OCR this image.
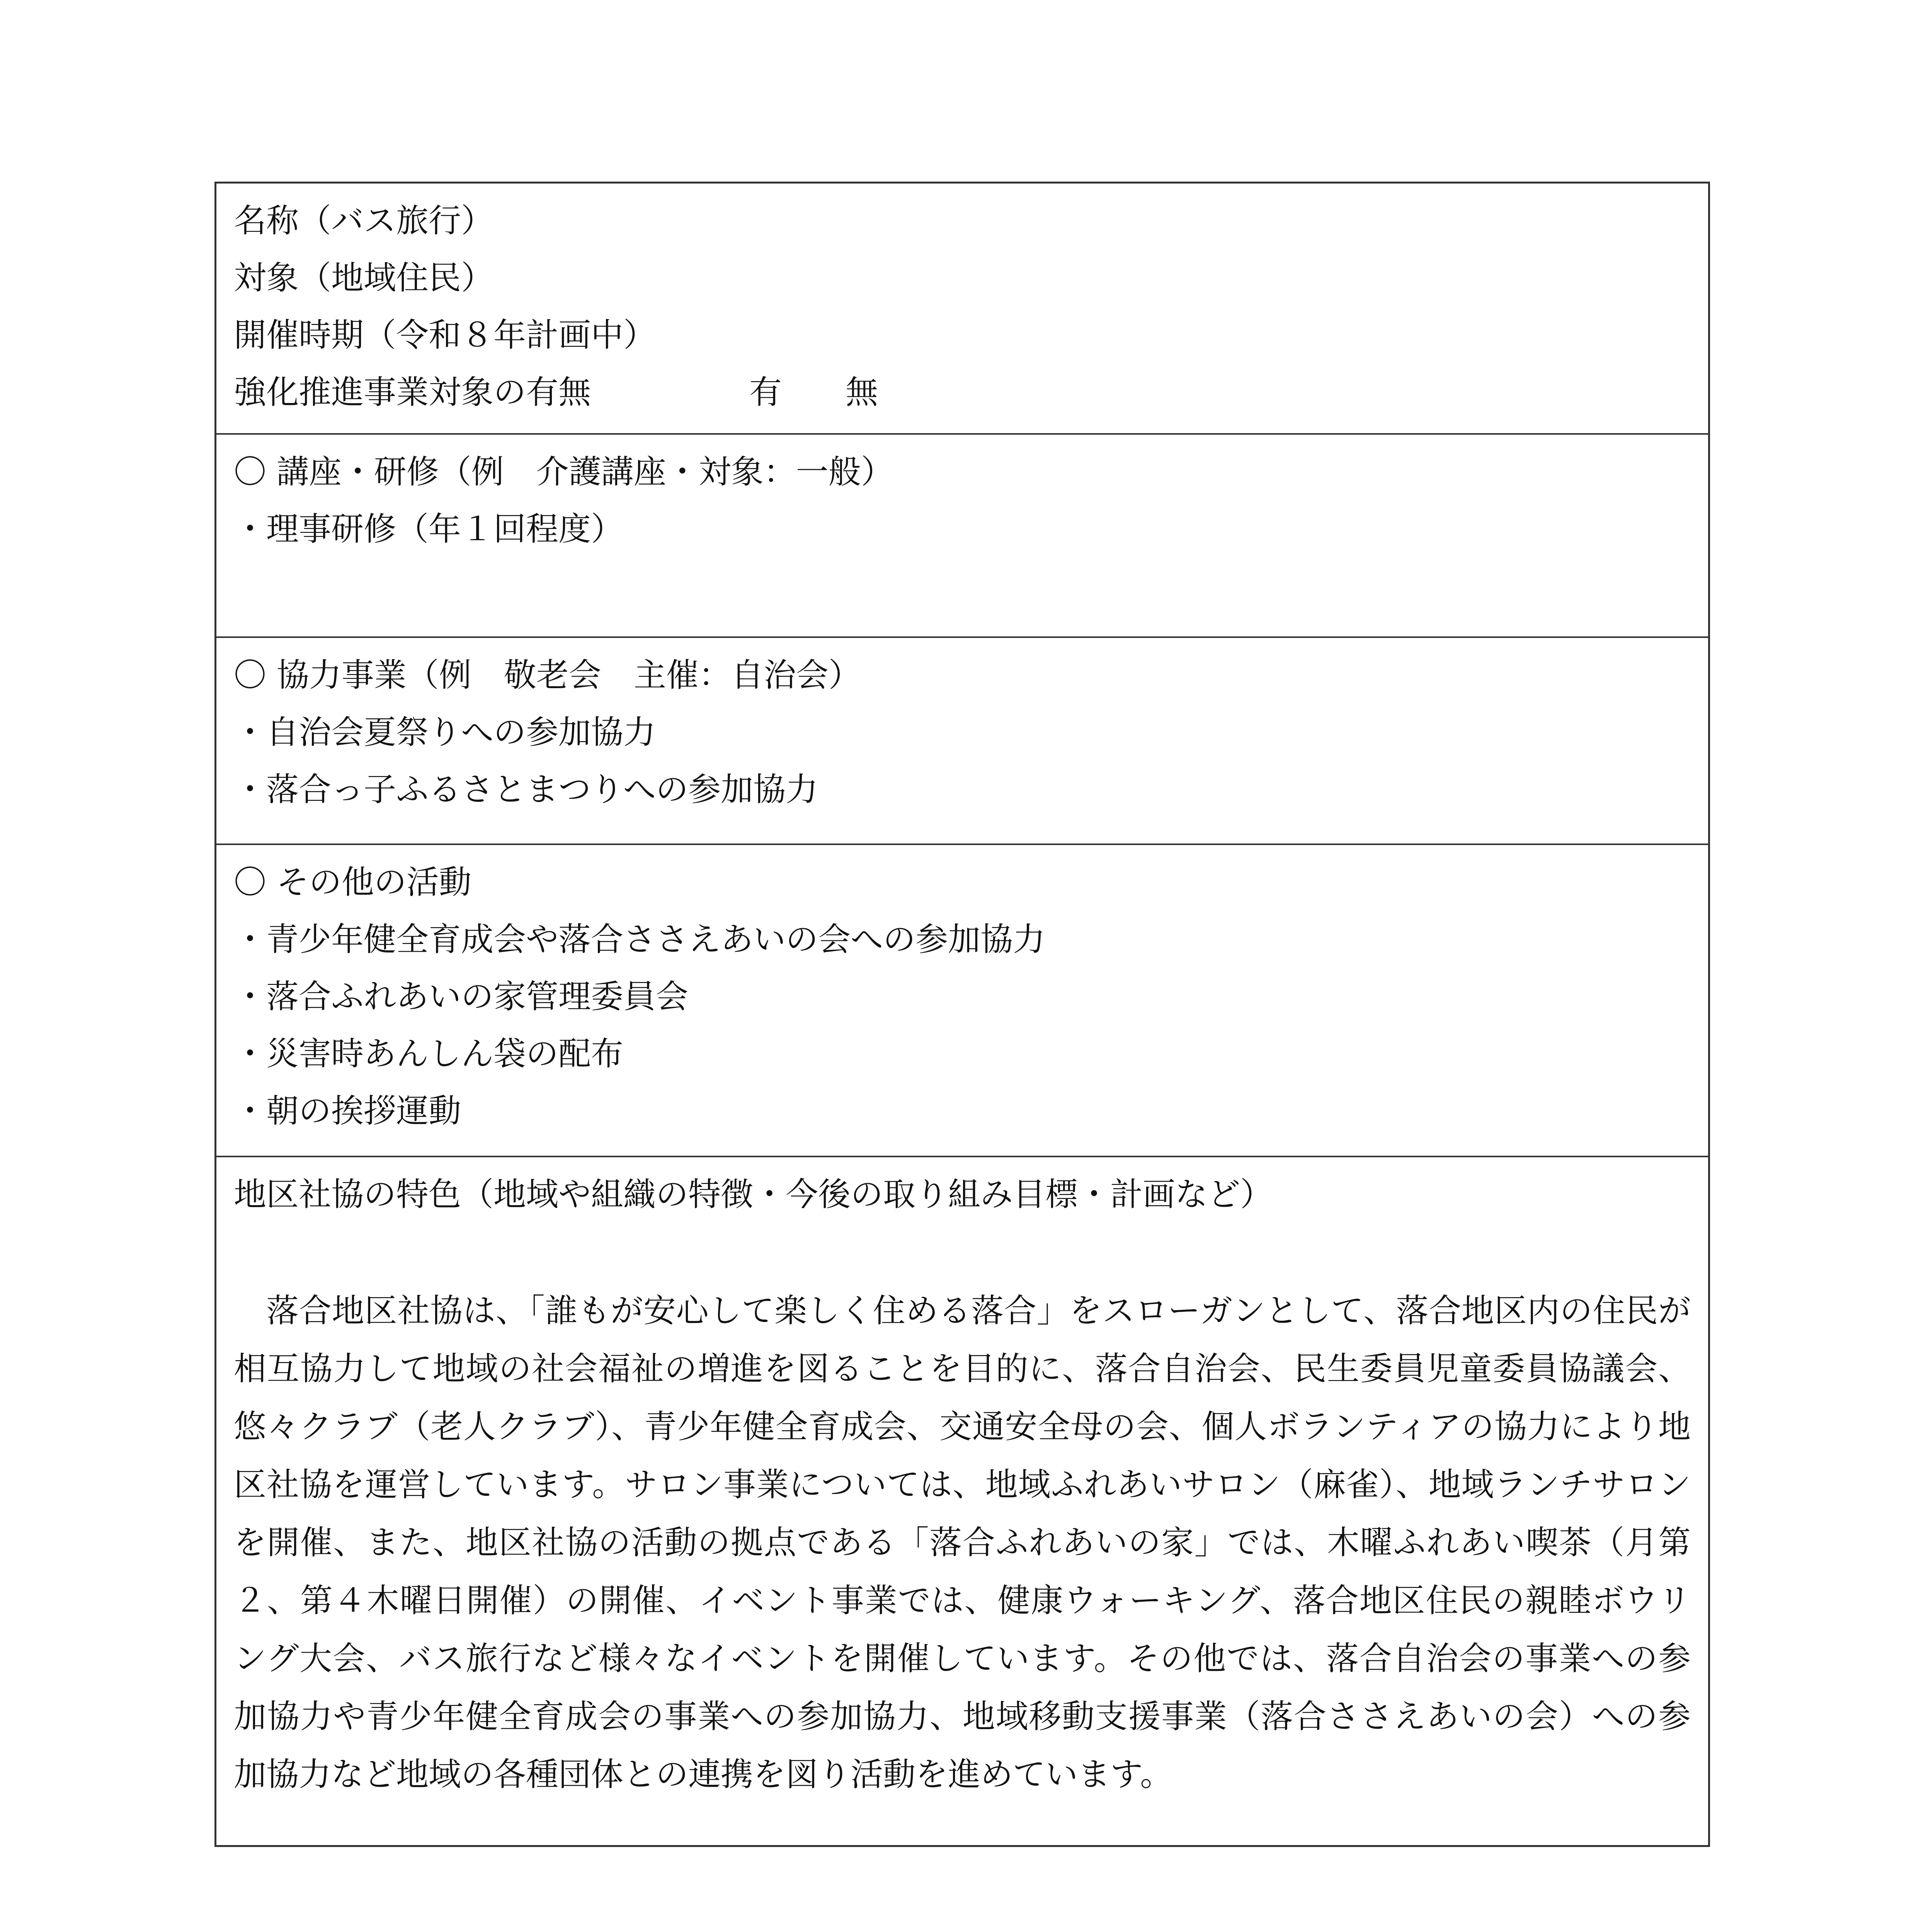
名称（バス旅行）
対象（地域住民）
開催時期（令和８年計画中）
強化推進事業対象の有無	有 無
〇 講座・研修（例　介護講座・対象：一般）
・理事研修（年１回程度）
〇 協力事業（例　敬老会　主催：自治会）
・自治会夏祭りへの参加協力
・落合っ子ふるさとまつりへの参加協力
〇 その他の活動
・青少年健全育成会や落合ささえあいの会への参加協力
・落合ふれあいの家管理委員会
・災害時あんしん袋の配布
・朝の挨拶運動
地区社協の特色（地域や組織の特徴・今後の取り組み目標・計画など）
落合地区社協は、「誰もが安心して楽しく住める落合」をスローガンとして、落合地区内の住民が相互協力して地域の社会福祉の増進を図ることを目的に、落合自治会、民生委員児童委員協議会、悠々クラブ（老人クラブ）、青少年健全育成会、交通安全母の会、個人ボランティアの協力により地区社協を運営しています。サロン事業については、地域ふれあいサロン（麻雀）、地域ランチサロンを開催、また、地区社協の活動の拠点である「落合ふれあいの家」では、木曜ふれあい喫茶（月第２、第４木曜日開催）の開催、イベント事業では、健康ウォーキング、落合地区住民の親睦ボウリング大会、バス旅行など様々なイベントを開催しています。その他では、落合自治会の事業への参加協力や青少年健全育成会の事業への参加協力、地域移動支援事業（落合ささえあいの会）への参加協力など地域の各種団体との連携を図り活動を進めています。
